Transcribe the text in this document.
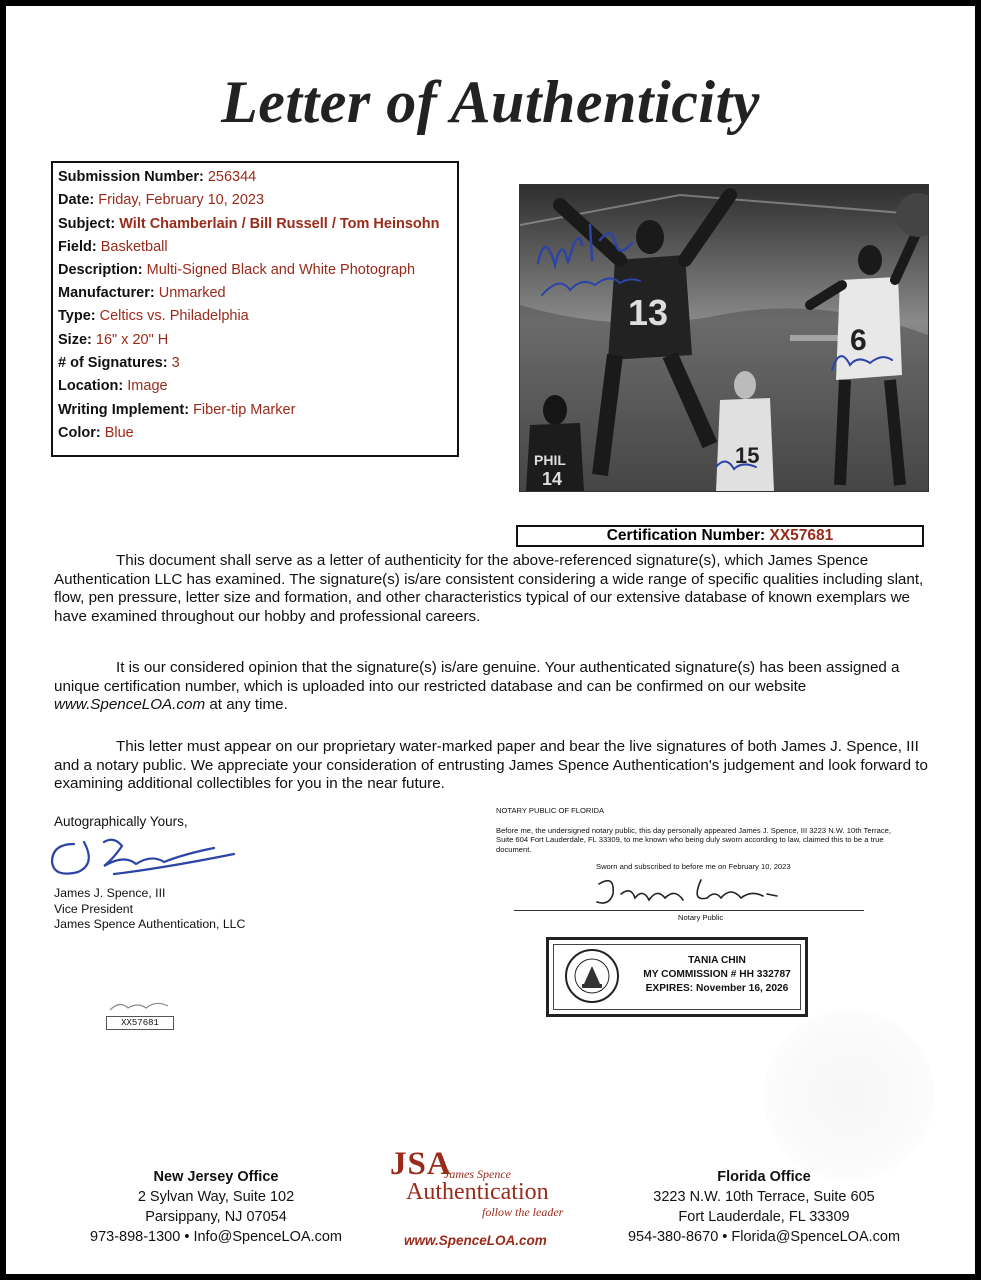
Letter of Authenticity
Submission Number: 256344
Date: Friday, February 10, 2023
Subject: Wilt Chamberlain / Bill Russell / Tom Heinsohn
Field: Basketball
Description: Multi-Signed Black and White Photograph
Manufacturer: Unmarked
Type: Celtics vs. Philadelphia
Size: 16" x 20" H
# of Signatures: 3
Location: Image
Writing Implement: Fiber-tip Marker
Color: Blue
13
6
15
PHIL
14
Certification Number: XX57681
This document shall serve as a letter of authenticity for the above-referenced signature(s), which James Spence Authentication LLC has examined. The signature(s) is/are consistent considering a wide range of specific qualities including slant, flow, pen pressure, letter size and formation, and other characteristics typical of our extensive database of known exemplars we have examined throughout our hobby and professional careers.
It is our considered opinion that the signature(s) is/are genuine. Your authenticated signature(s) has been assigned a unique certification number, which is uploaded into our restricted database and can be confirmed on our website www.SpenceLOA.com at any time.
This letter must appear on our proprietary water-marked paper and bear the live signatures of both James J. Spence, III and a notary public. We appreciate your consideration of entrusting James Spence Authentication's judgement and look forward to examining additional collectibles for you in the near future.
Autographically Yours,
James J. Spence, III
Vice President
James Spence Authentication, LLC
NOTARY PUBLIC OF FLORIDA
Before me, the undersigned notary public, this day personally appeared James J. Spence, III 3223 N.W. 10th Terrace, Suite 604 Fort Lauderdale, FL 33309, to me known who being duly sworn according to law, claimed this to be a true document.
Sworn and subscribed to before me on February 10, 2023
Notary Public
TANIA CHIN
MY COMMISSION # HH 332787
EXPIRES: November 16, 2026
XX57681
New Jersey Office
2 Sylvan Way, Suite 102
Parsippany, NJ 07054
973-898-1300 • Info@SpenceLOA.com
JSA
James Spence
Authentication
follow the leader
www.SpenceLOA.com
Florida Office
3223 N.W. 10th Terrace, Suite 605
Fort Lauderdale, FL 33309
954-380-8670 • Florida@SpenceLOA.com
